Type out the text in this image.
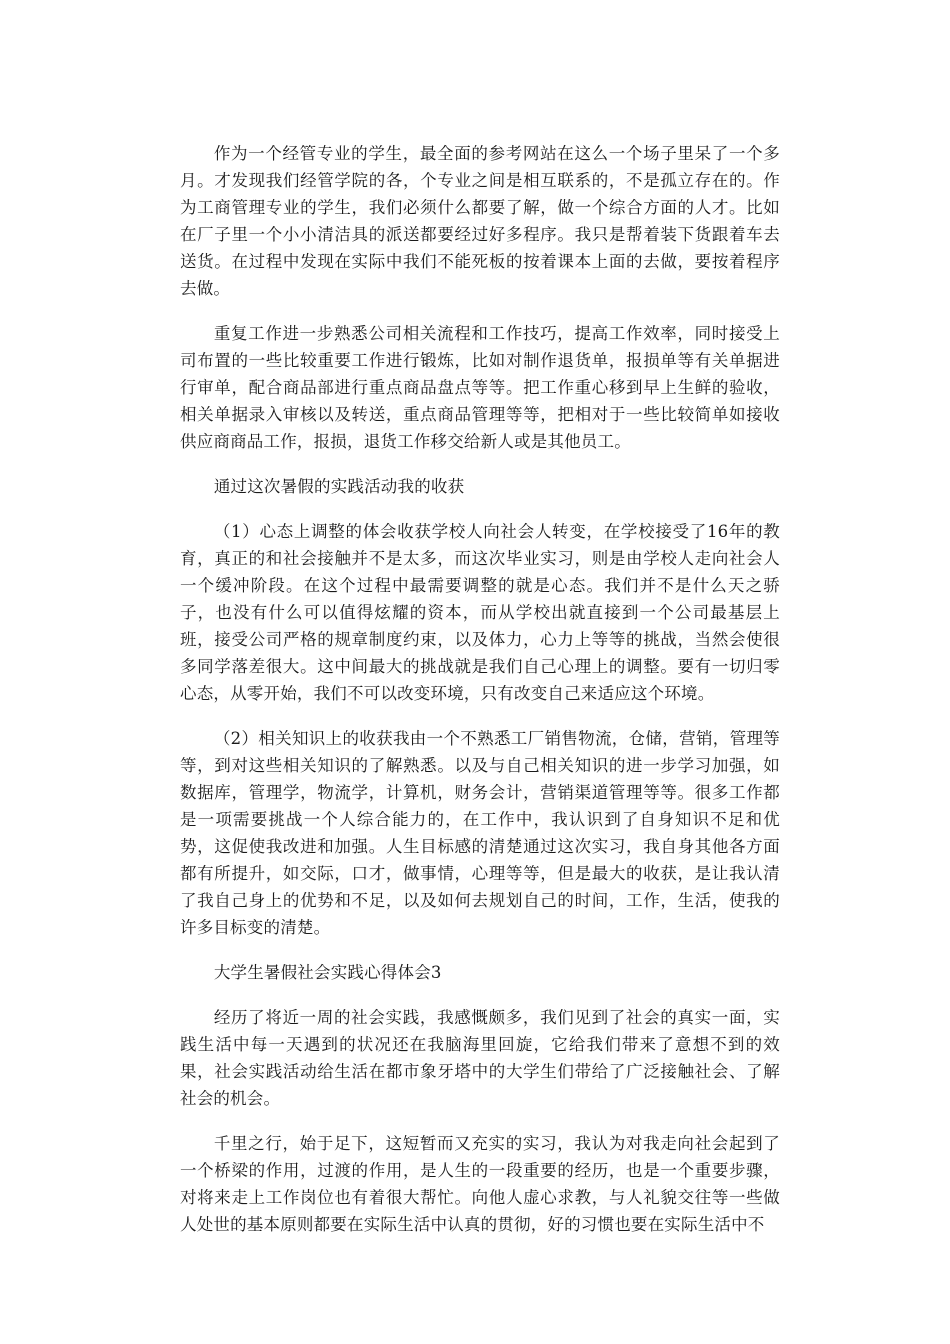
作为一个经管专业的学生，最全面的参考网站在这么一个场子里呆了一个多月。才发现我们经管学院的各，个专业之间是相互联系的，不是孤立存在的。作为工商管理专业的学生，我们必须什么都要了解，做一个综合方面的人才。比如在厂子里一个小小清洁具的派送都要经过好多程序。我只是帮着装下货跟着车去送货。在过程中发现在实际中我们不能死板的按着课本上面的去做，要按着程序去做。

重复工作进一步熟悉公司相关流程和工作技巧，提高工作效率，同时接受上司布置的一些比较重要工作进行锻炼，比如对制作退货单，报损单等有关单据进行审单，配合商品部进行重点商品盘点等等。把工作重心移到早上生鲜的验收，相关单据录入审核以及转送，重点商品管理等等，把相对于一些比较简单如接收供应商商品工作，报损，退货工作移交给新人或是其他员工。

通过这次暑假的实践活动我的收获

（1）心态上调整的体会收获学校人向社会人转变，在学校接受了16年的教育，真正的和社会接触并不是太多，而这次毕业实习，则是由学校人走向社会人一个缓冲阶段。在这个过程中最需要调整的就是心态。我们并不是什么天之骄子，也没有什么可以值得炫耀的资本，而从学校出就直接到一个公司最基层上班，接受公司严格的规章制度约束，以及体力，心力上等等的挑战，当然会使很多同学落差很大。这中间最大的挑战就是我们自己心理上的调整。要有一切归零心态，从零开始，我们不可以改变环境，只有改变自己来适应这个环境。

（2）相关知识上的收获我由一个不熟悉工厂销售物流，仓储，营销，管理等等，到对这些相关知识的了解熟悉。以及与自己相关知识的进一步学习加强，如数据库，管理学，物流学，计算机，财务会计，营销渠道管理等等。很多工作都是一项需要挑战一个人综合能力的，在工作中，我认识到了自身知识不足和优势，这促使我改进和加强。人生目标感的清楚通过这次实习，我自身其他各方面都有所提升，如交际，口才，做事情，心理等等，但是最大的收获，是让我认清了我自己身上的优势和不足，以及如何去规划自己的时间，工作，生活，使我的许多目标变的清楚。

大学生暑假社会实践心得体会3

经历了将近一周的社会实践，我感慨颇多，我们见到了社会的真实一面，实践生活中每一天遇到的状况还在我脑海里回旋，它给我们带来了意想不到的效果，社会实践活动给生活在都市象牙塔中的大学生们带给了广泛接触社会、了解社会的机会。

千里之行，始于足下，这短暂而又充实的实习，我认为对我走向社会起到了一个桥梁的作用，过渡的作用，是人生的一段重要的经历，也是一个重要步骤，对将来走上工作岗位也有着很大帮忙。向他人虚心求教，与人礼貌交往等一些做人处世的基本原则都要在实际生活中认真的贯彻，好的习惯也要在实际生活中不
